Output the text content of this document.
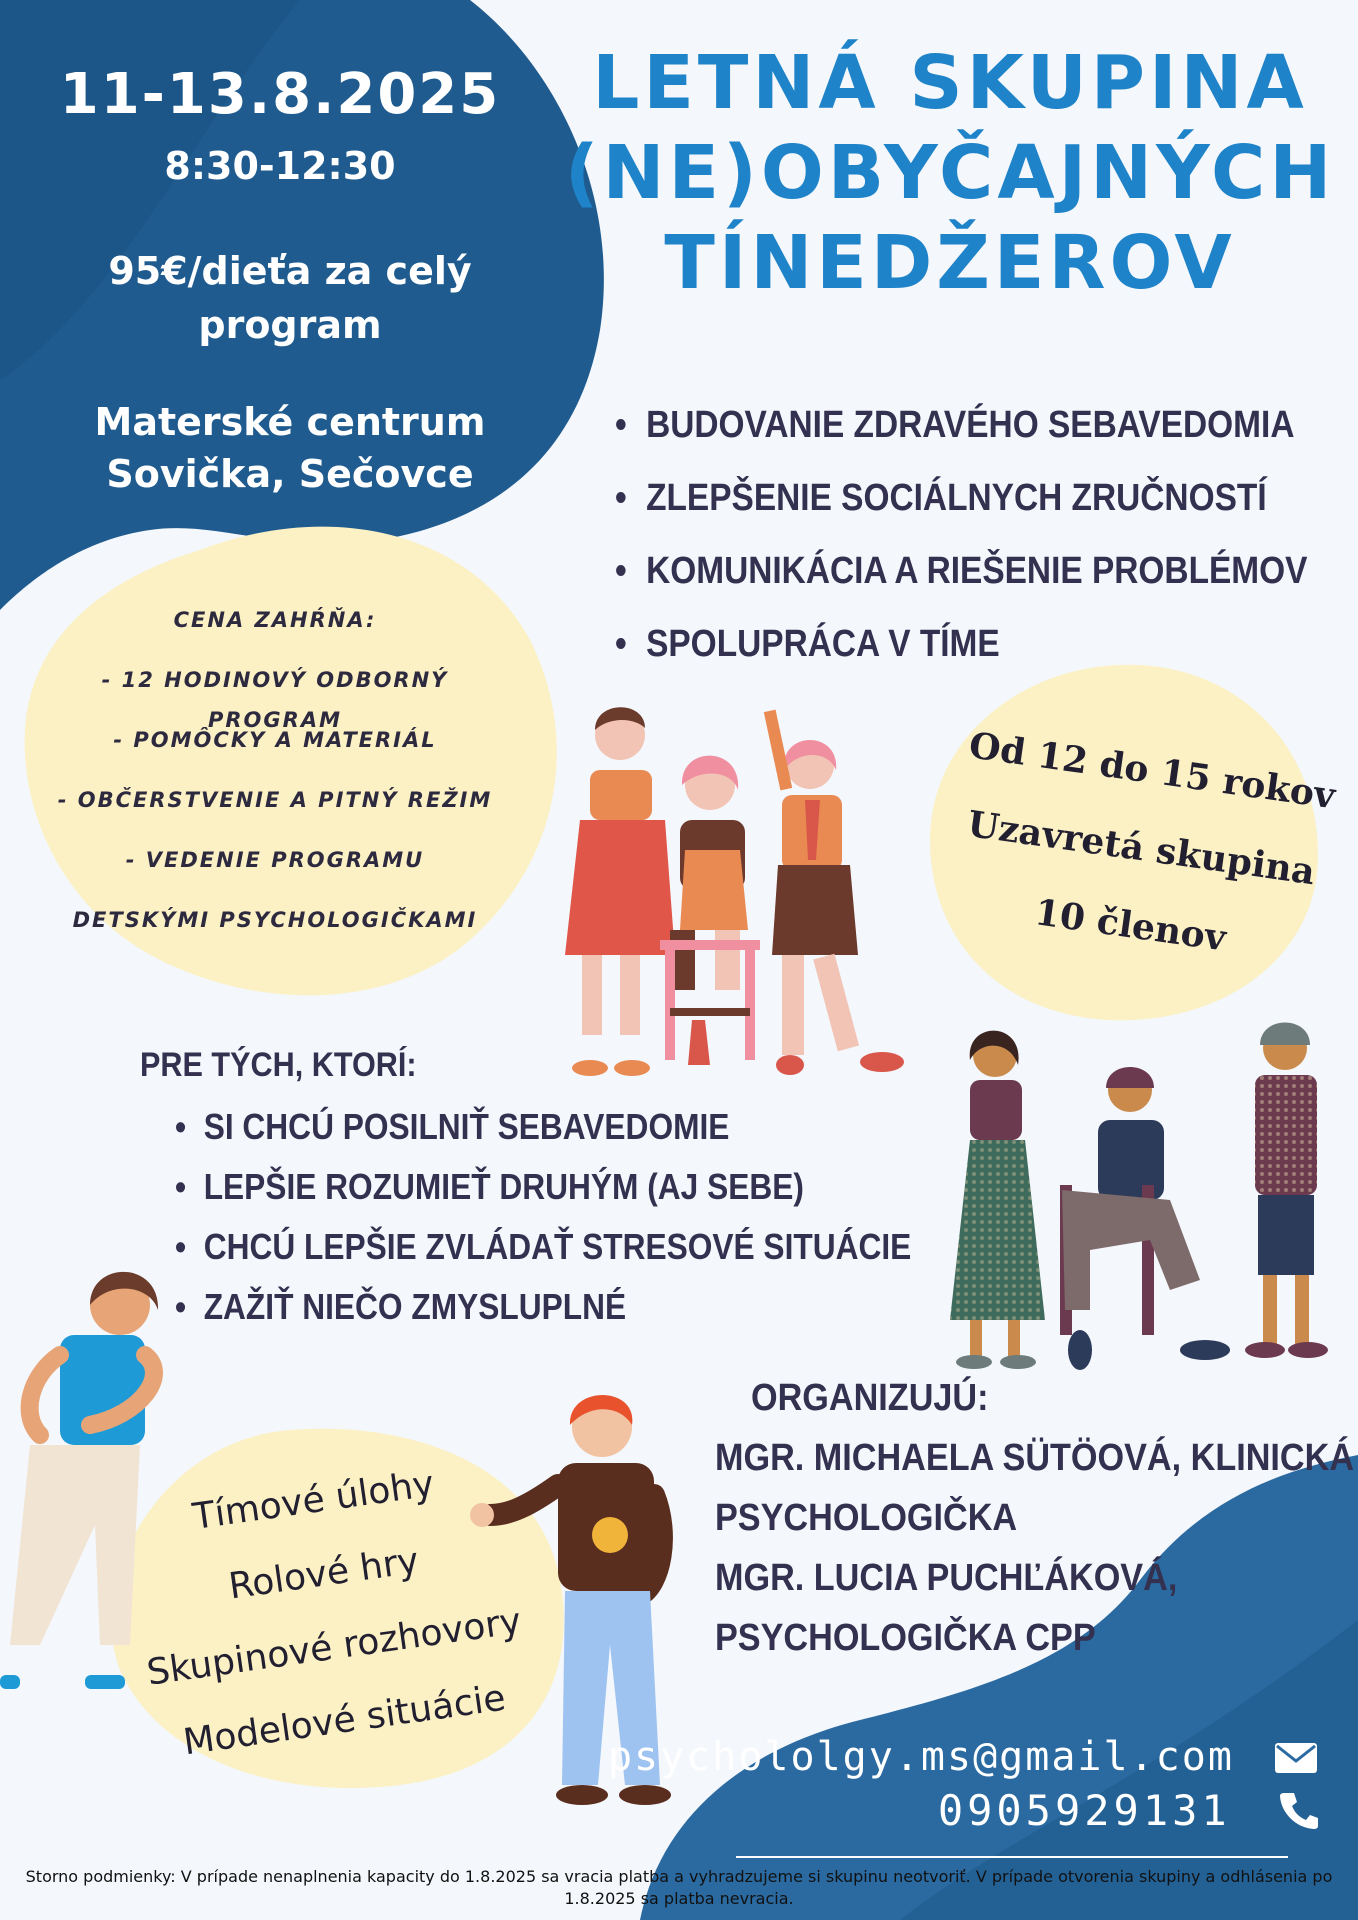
11-13.8.2025
8:30-12:30
95€/dieťa za celý program
Materské centrum
Sovička, Sečovce
LETNÁ SKUPINA
(NE)OBYČAJNÝCH
TÍNEDŽEROV
• BUDOVANIE ZDRAVÉHO SEBAVEDOMIA
• ZLEPŠENIE SOCIÁLNYCH ZRUČNOSTÍ
• KOMUNIKÁCIA A RIEŠENIE PROBLÉMOV
• SPOLUPRÁCA V TÍME
CENA ZAHŔŇA:
- 12 HODINOVÝ ODBORNÝ PROGRAM
- POMÔCKY A MATERIÁL
- OBČERSTVENIE A PITNÝ REŽIM
- VEDENIE PROGRAMU
DETSKÝMI PSYCHOLOGIČKAMI
Od 12 do 15 rokov
Uzavretá skupina
10 členov
PRE TÝCH, KTORÍ:
• SI CHCÚ POSILNIŤ SEBAVEDOMIE
• LEPŠIE ROZUMIEŤ DRUHÝM (AJ SEBE)
• CHCÚ LEPŠIE ZVLÁDAŤ STRESOVÉ SITUÁCIE
• ZAŽIŤ NIEČO ZMYSLUPLNÉ
Tímové úlohy
Rolové hry
Skupinové rozhovory
Modelové situácie
ORGANIZUJÚ:
MGR. MICHAELA SÜTÖOVÁ, KLINICKÁ
PSYCHOLOGIČKA
MGR. LUCIA PUCHĽÁKOVÁ,
PSYCHOLOGIČKA CPP
psychololgy.ms@gmail.com
0905929131
Storno podmienky: V prípade nenaplnenia kapacity do 1.8.2025 sa vracia platba a vyhradzujeme si skupinu neotvoriť. V prípade otvorenia skupiny a odhlásenia po 1.8.2025 sa platba nevracia.
